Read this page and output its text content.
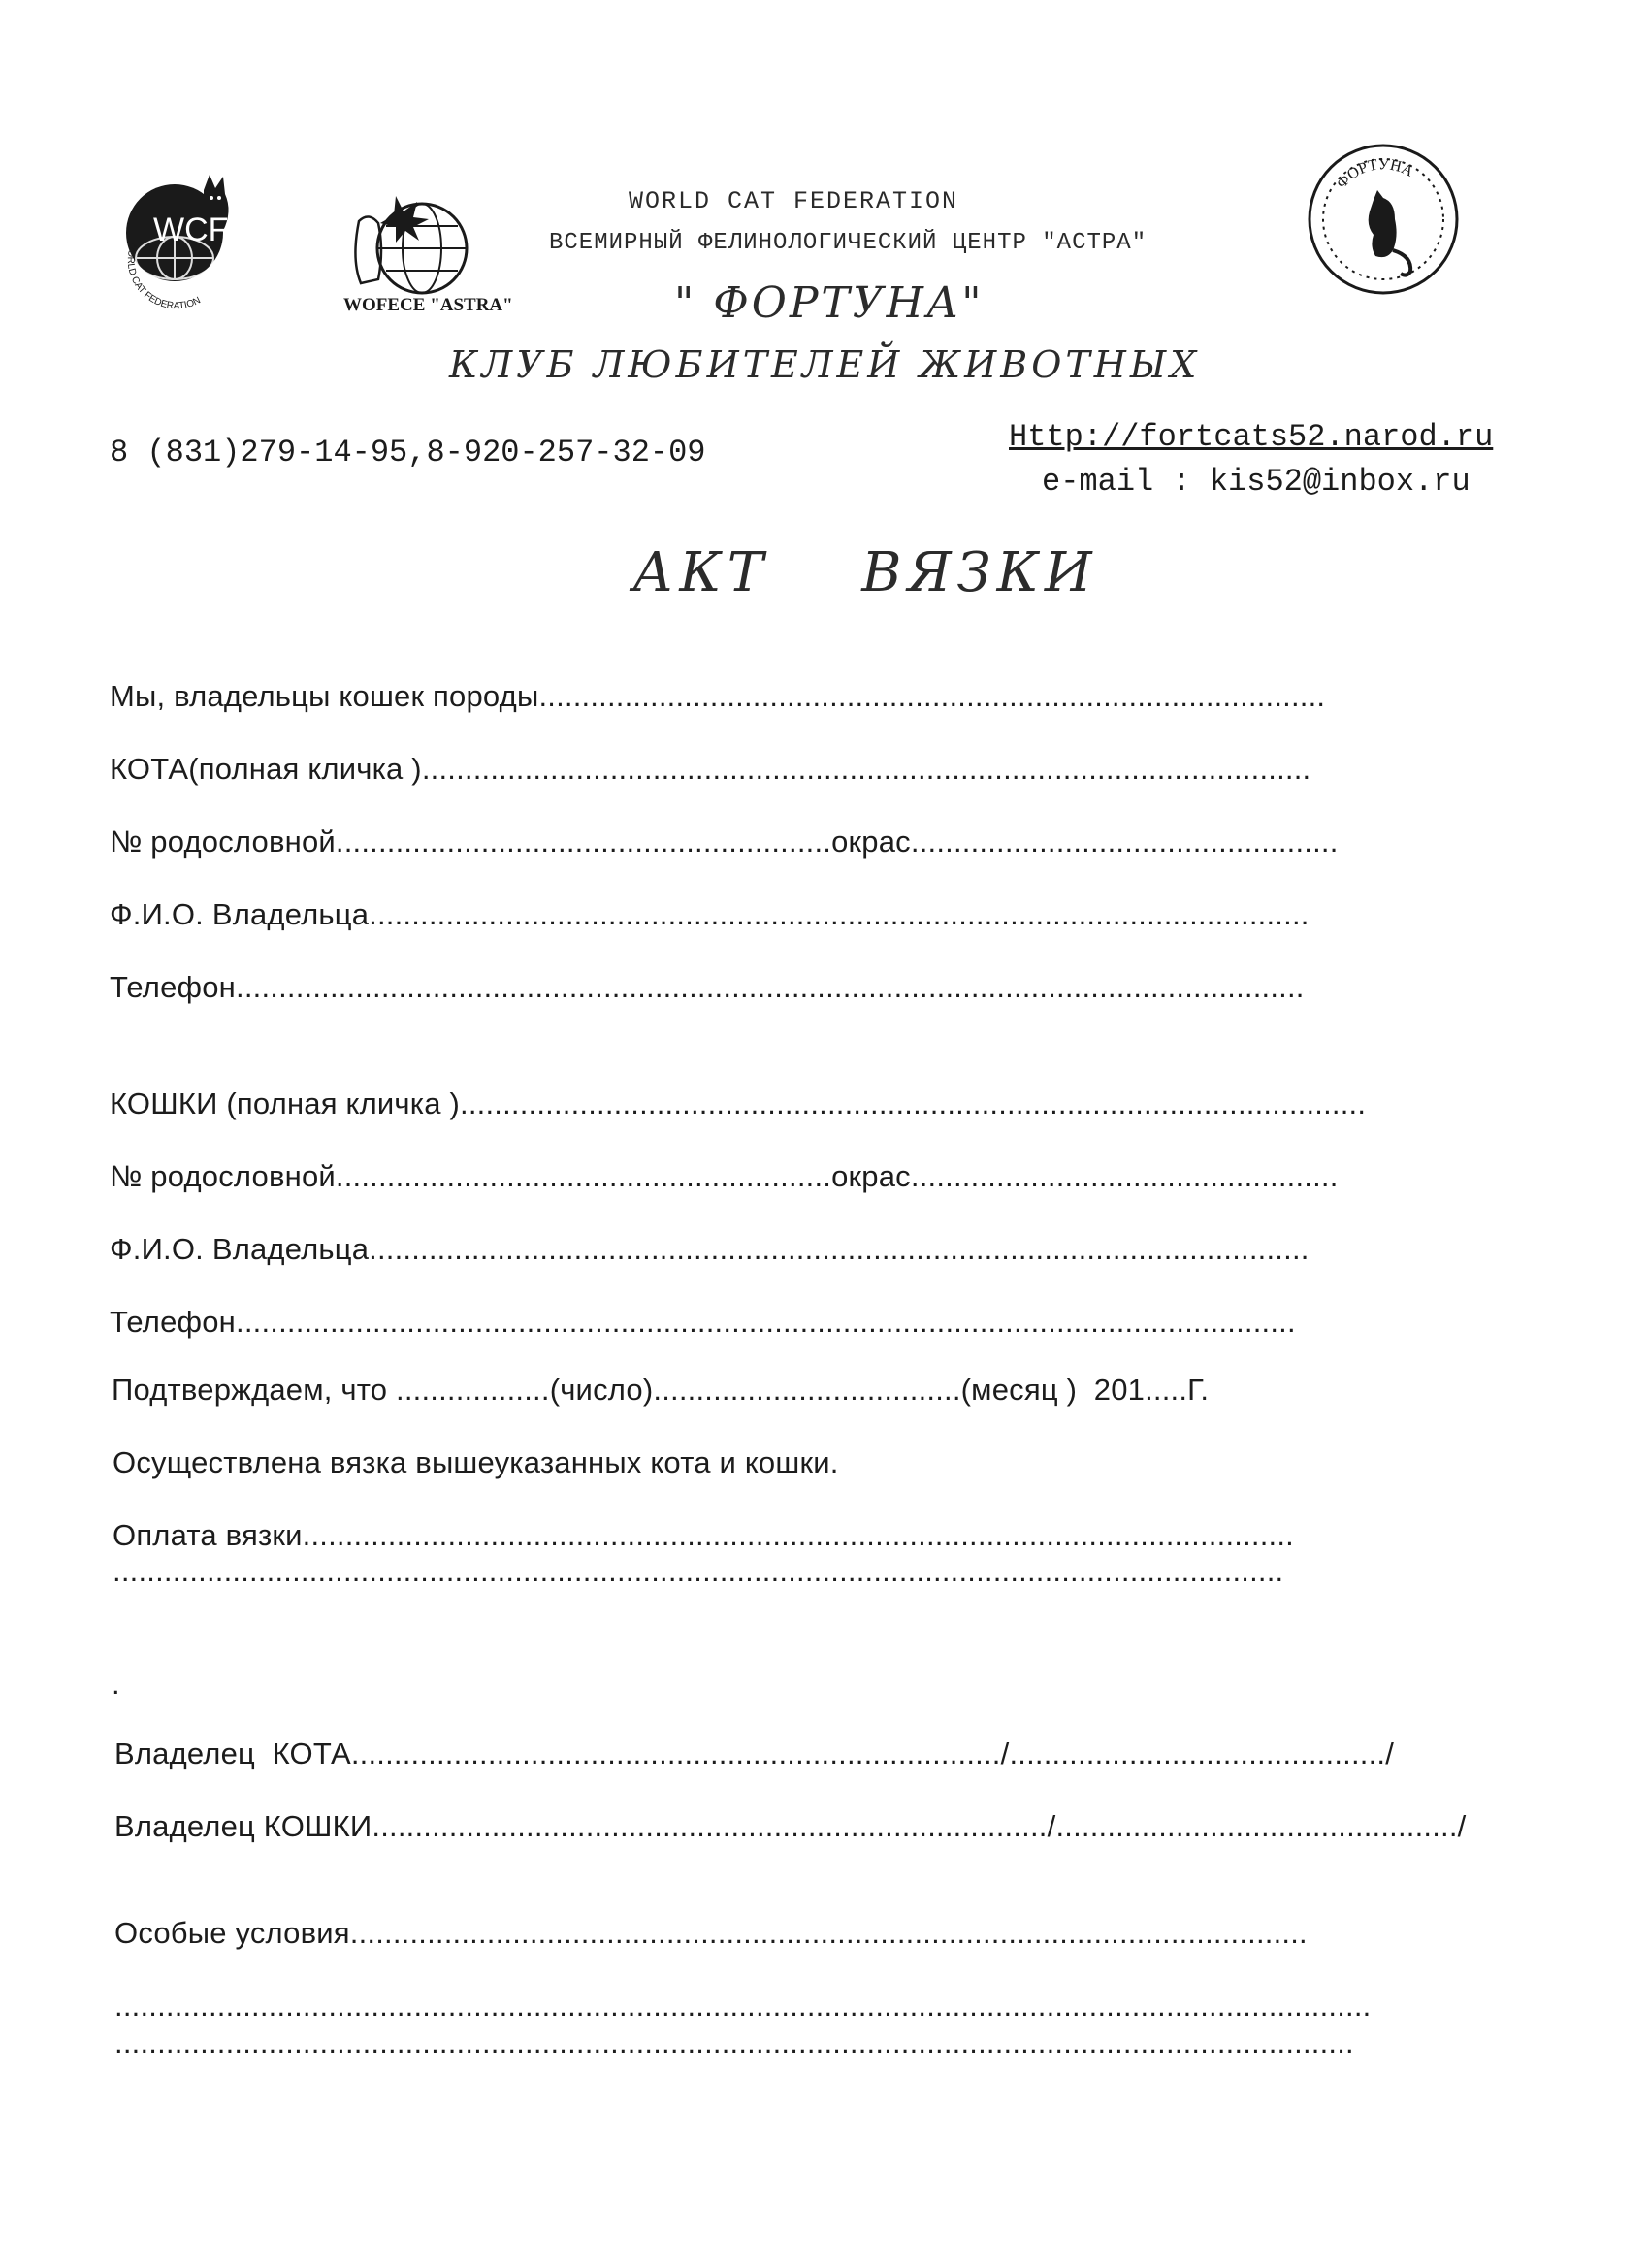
WCF
WORLD CAT FEDERATION	WOFECE "ASTRA"
ФОРТУНА
WORLD CAT FEDERATION
ВСЕМИРНЫЙ ФЕЛИНОЛОГИЧЕСКИЙ ЦЕНТР "АСТРА"
" ФОРТУНА"
КЛУБ ЛЮБИТЕЛЕЙ ЖИВОТНЫХ
8 (831)279-14-95,8-920-257-32-09	Http://fortcats52.narod.ru
e-mail : kis52@inbox.ru
АКТ    ВЯЗКИ
Мы, владельцы кошек породы............................................................................................
КОТА(полная кличка )........................................................................................................
№ родословной..........................................................окрас..................................................
Ф.И.О. Владельца..............................................................................................................
Телефон.............................................................................................................................
КОШКИ (полная кличка )..........................................................................................................
№ родословной..........................................................окрас..................................................
Ф.И.О. Владельца..............................................................................................................
Телефон............................................................................................................................
Подтверждаем, что ..................(число)....................................(месяц ) 201.....Г.
Осуществлена вязка вышеуказанных кота и кошки.
Оплата вязки....................................................................................................................
.........................................................................................................................................
.
Владелец  КОТА............................................................................/............................................/
Владелец КОШКИ.............................................................................../.............................................../
Особые условия................................................................................................................
...................................................................................................................................................
.................................................................................................................................................
